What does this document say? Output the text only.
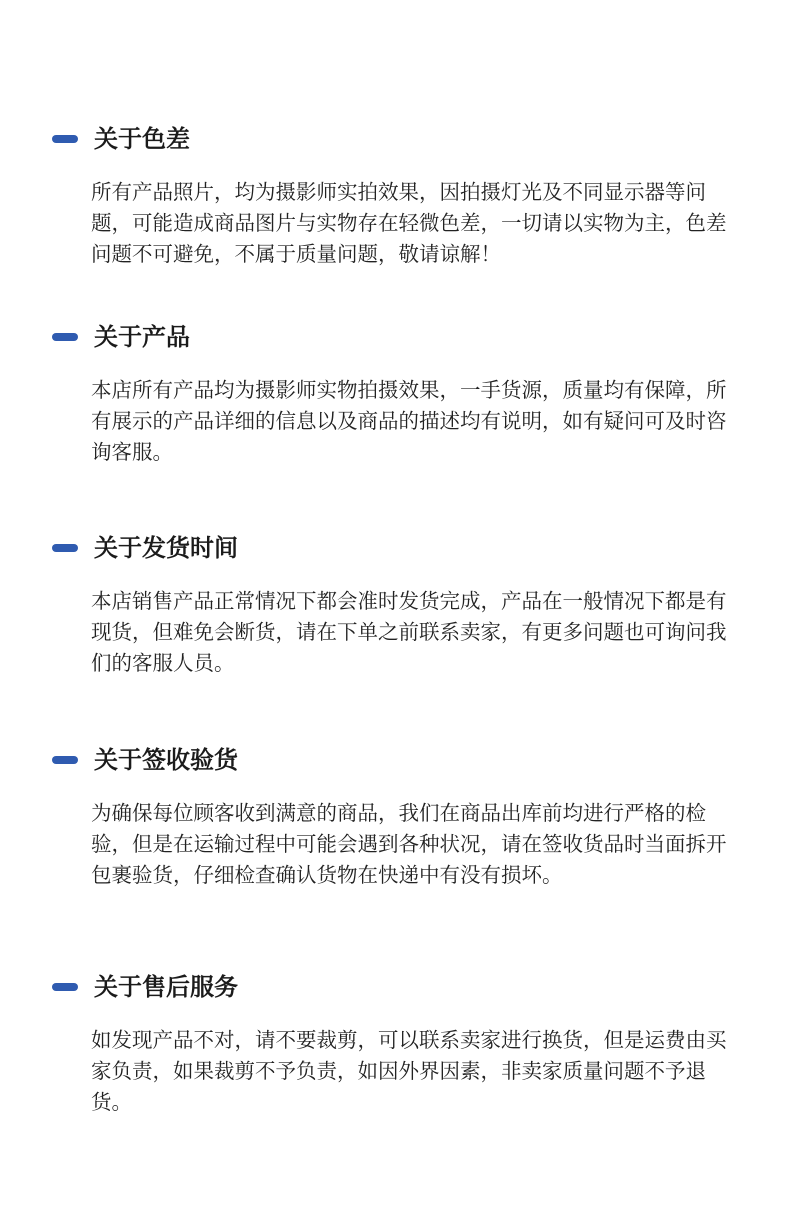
关于色差

所有产品照片，均为摄影师实拍效果，因拍摄灯光及不同显示器等问题，可能造成商品图片与实物存在轻微色差，一切请以实物为主，色差问题不可避免，不属于质量问题，敬请谅解！

关于产品

本店所有产品均为摄影师实物拍摄效果，一手货源，质量均有保障，所有展示的产品详细的信息以及商品的描述均有说明，如有疑问可及时咨询客服。

关于发货时间

本店销售产品正常情况下都会准时发货完成，产品在一般情况下都是有现货，但难免会断货，请在下单之前联系卖家，有更多问题也可询问我们的客服人员。

关于签收验货

为确保每位顾客收到满意的商品，我们在商品出库前均进行严格的检验，但是在运输过程中可能会遇到各种状况，请在签收货品时当面拆开包裹验货，仔细检查确认货物在快递中有没有损坏。

关于售后服务

如发现产品不对，请不要裁剪，可以联系卖家进行换货，但是运费由买家负责，如果裁剪不予负责，如因外界因素，非卖家质量问题不予退货。
